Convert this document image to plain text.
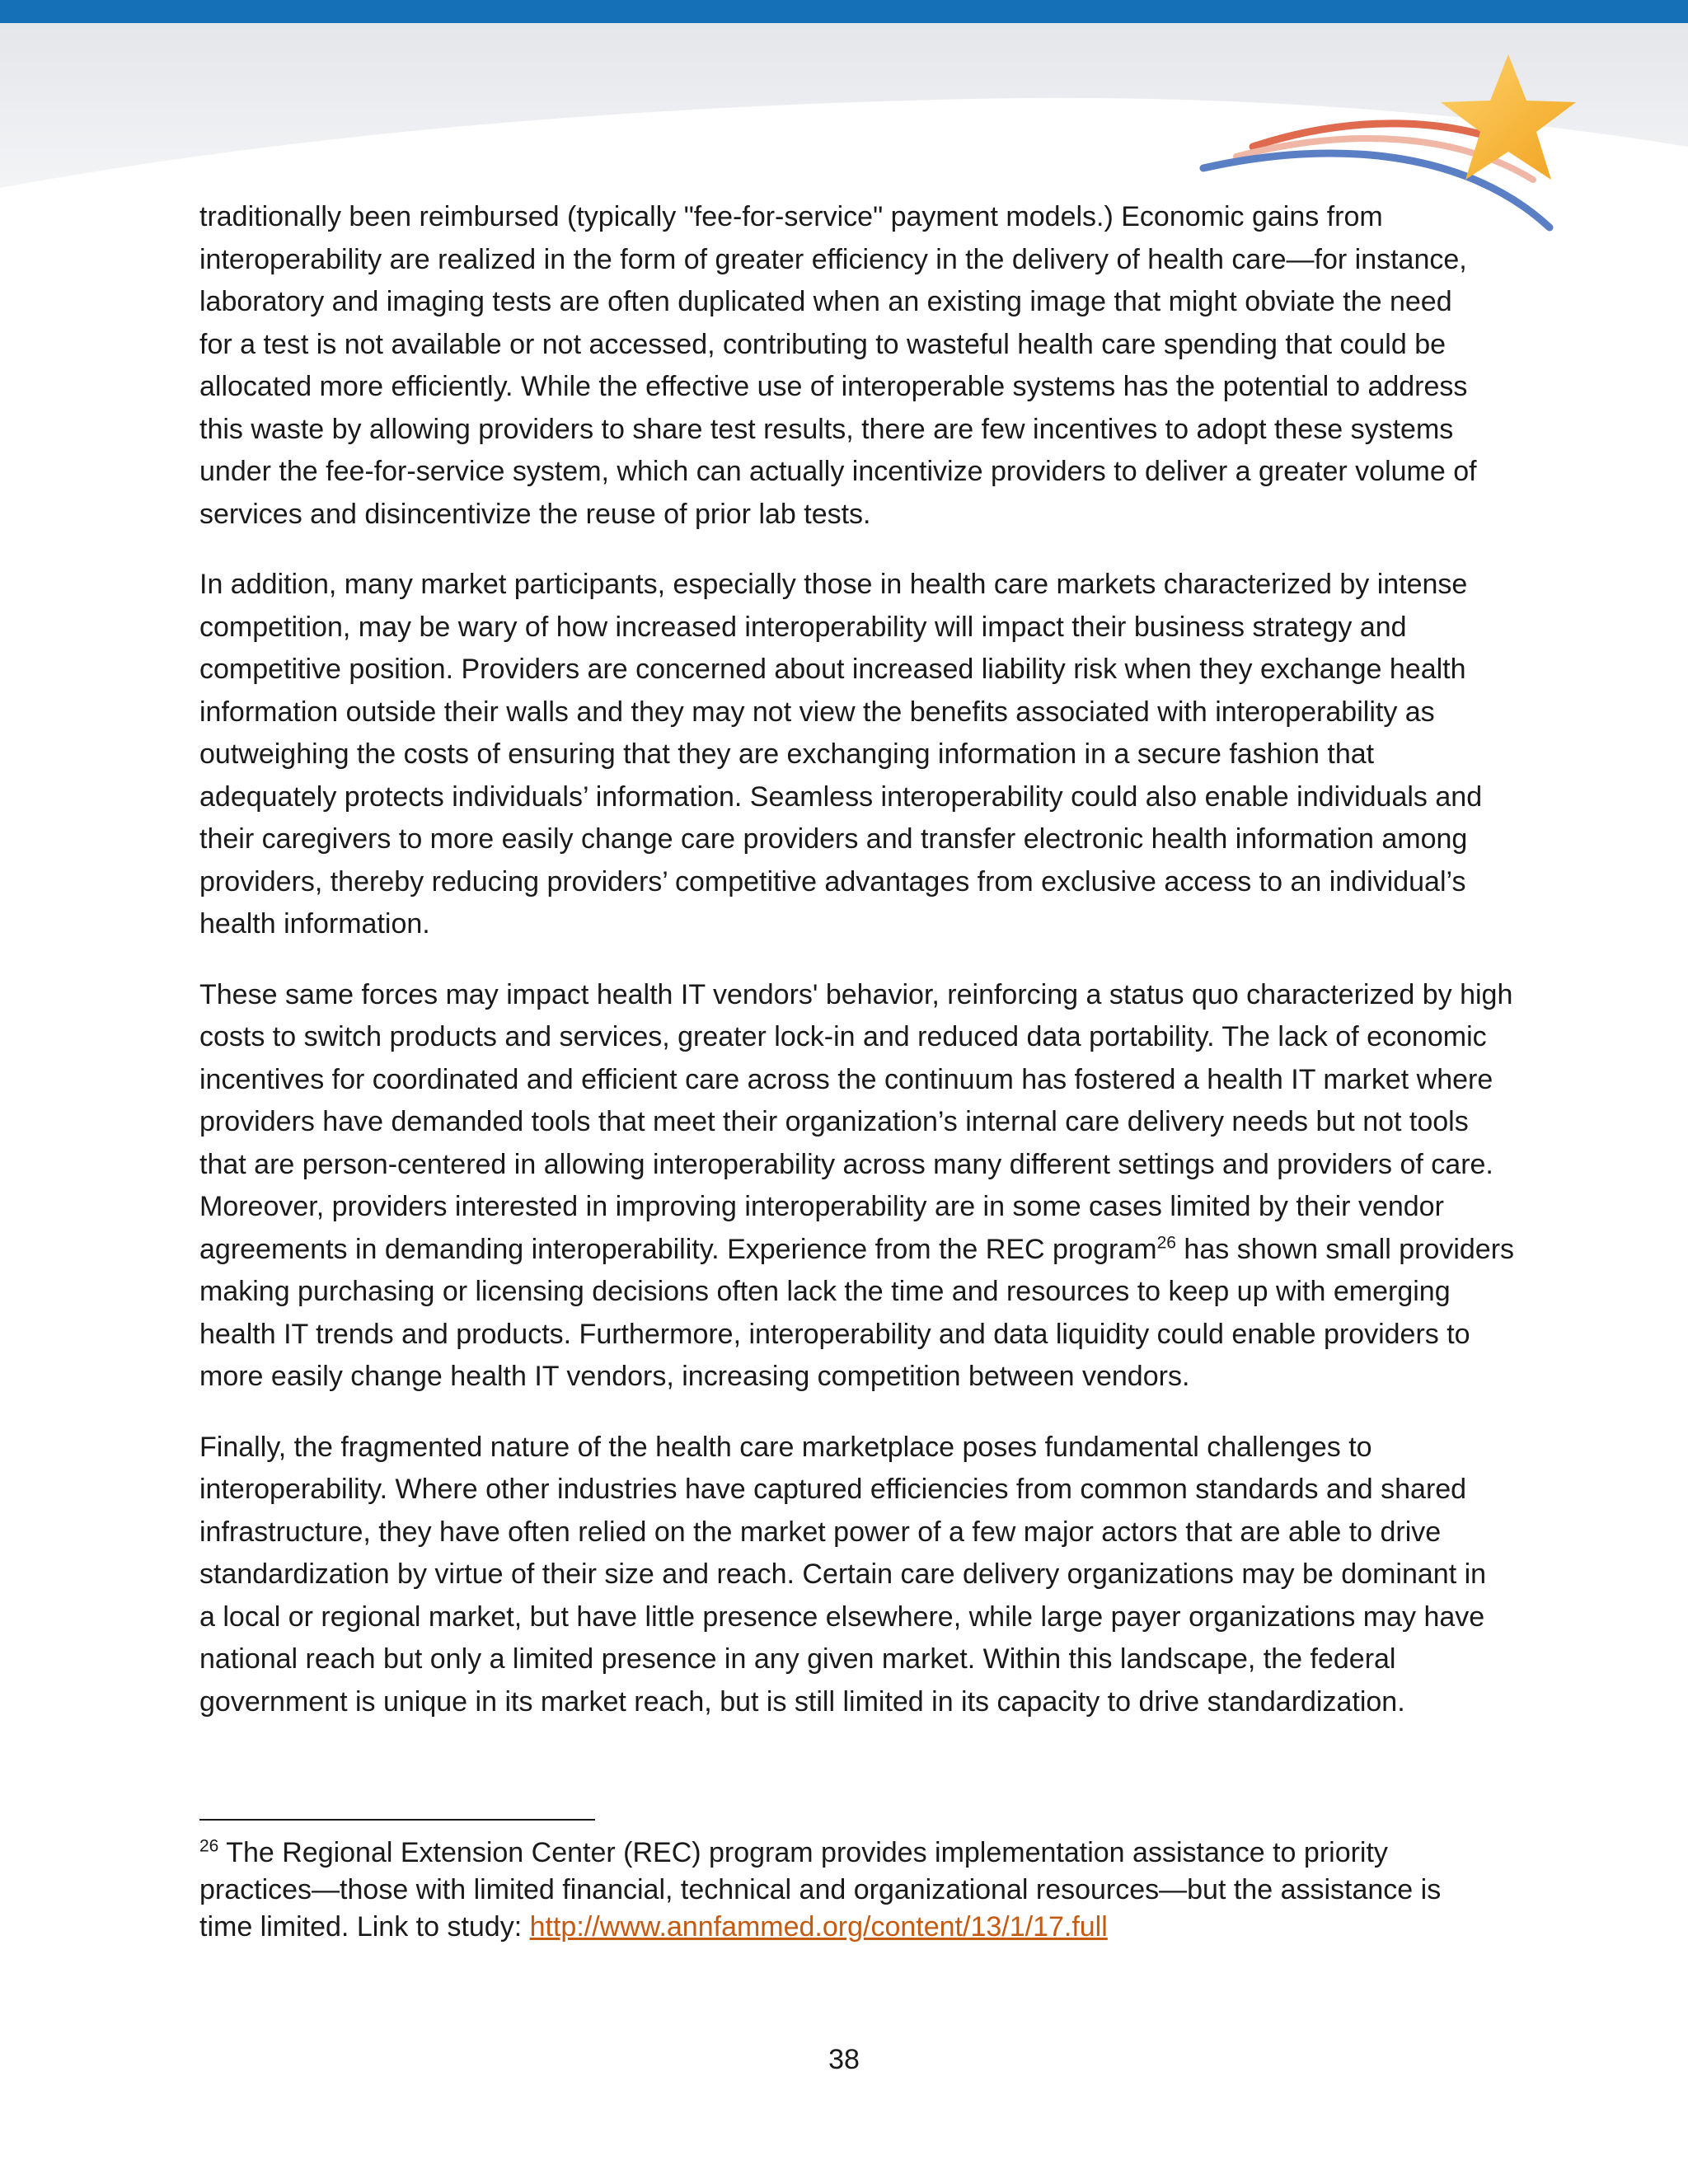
traditionally been reimbursed (typically "fee-for-service" payment models.) Economic gains from
interoperability are realized in the form of greater efficiency in the delivery of health care—for instance,
laboratory and imaging tests are often duplicated when an existing image that might obviate the need
for a test is not available or not accessed, contributing to wasteful health care spending that could be
allocated more efficiently. While the effective use of interoperable systems has the potential to address
this waste by allowing providers to share test results, there are few incentives to adopt these systems
under the fee-for-service system, which can actually incentivize providers to deliver a greater volume of
services and disincentivize the reuse of prior lab tests.

In addition, many market participants, especially those in health care markets characterized by intense
competition, may be wary of how increased interoperability will impact their business strategy and
competitive position. Providers are concerned about increased liability risk when they exchange health
information outside their walls and they may not view the benefits associated with interoperability as
outweighing the costs of ensuring that they are exchanging information in a secure fashion that
adequately protects individuals’ information. Seamless interoperability could also enable individuals and
their caregivers to more easily change care providers and transfer electronic health information among
providers, thereby reducing providers’ competitive advantages from exclusive access to an individual’s
health information.

These same forces may impact health IT vendors' behavior, reinforcing a status quo characterized by high
costs to switch products and services, greater lock-in and reduced data portability. The lack of economic
incentives for coordinated and efficient care across the continuum has fostered a health IT market where
providers have demanded tools that meet their organization’s internal care delivery needs but not tools
that are person-centered in allowing interoperability across many different settings and providers of care.
Moreover, providers interested in improving interoperability are in some cases limited by their vendor
agreements in demanding interoperability. Experience from the REC program$^{26}$ has shown small providers
making purchasing or licensing decisions often lack the time and resources to keep up with emerging
health IT trends and products. Furthermore, interoperability and data liquidity could enable providers to
more easily change health IT vendors, increasing competition between vendors.

Finally, the fragmented nature of the health care marketplace poses fundamental challenges to
interoperability. Where other industries have captured efficiencies from common standards and shared
infrastructure, they have often relied on the market power of a few major actors that are able to drive
standardization by virtue of their size and reach. Certain care delivery organizations may be dominant in
a local or regional market, but have little presence elsewhere, while large payer organizations may have
national reach but only a limited presence in any given market. Within this landscape, the federal
government is unique in its market reach, but is still limited in its capacity to drive standardization.

$^{26}$ The Regional Extension Center (REC) program provides implementation assistance to priority
practices—those with limited financial, technical and organizational resources—but the assistance is
time limited. Link to study: http://www.annfammed.org/content/13/1/17.full
38
